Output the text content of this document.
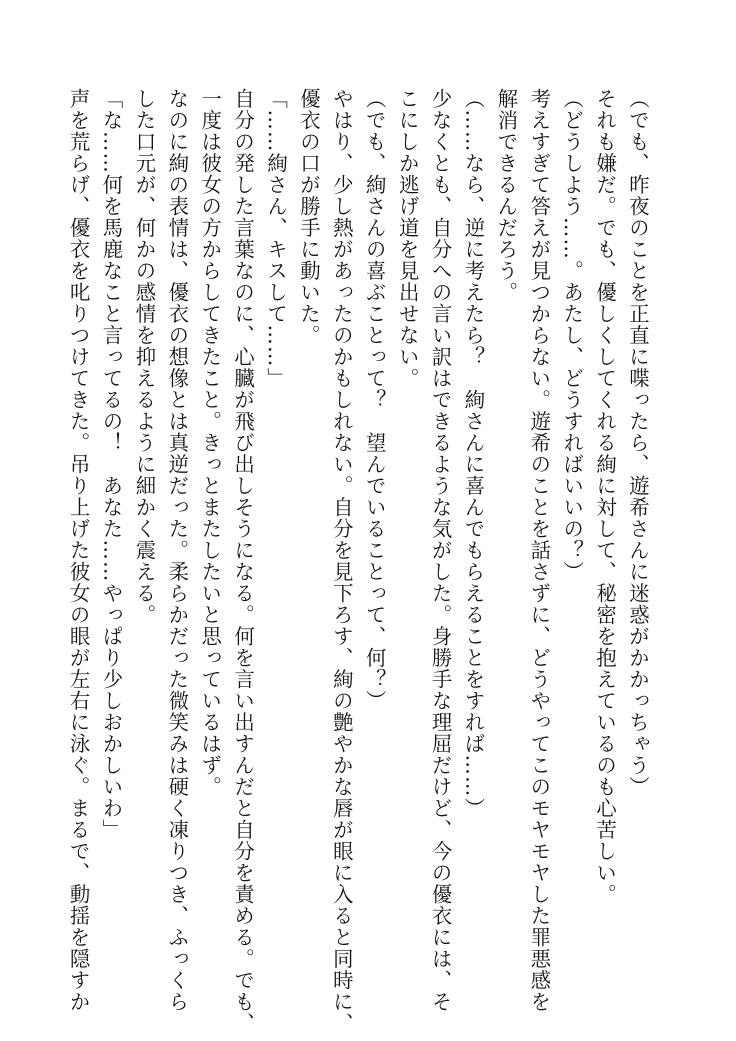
（でも、昨夜のことを正直に喋ったら、遊希さんに迷惑がかかっちゃう）
それも嫌だ。でも、優しくしてくれる絢に対して、秘密を抱えているのも心苦しい。
（どうしよう……。あたし、どうすればいいの？）
考えすぎて答えが見つからない。遊希のことを話さずに、どうやってこのモヤモヤした罪悪感を
解消できるんだろう。
（……なら、逆に考えたら？　絢さんに喜んでもらえることをすれば……）
少なくとも、自分への言い訳はできるような気がした。身勝手な理屈だけど、今の優衣には、そ
こにしか逃げ道を見出せない。
（でも、絢さんの喜ぶことって？　望んでいることって、何？）
やはり、少し熱があったのかもしれない。自分を見下ろす、絢の艶やかな唇が眼に入ると同時に、
優衣の口が勝手に動いた。
「……絢さん、キスして……」
自分の発した言葉なのに、心臓が飛び出しそうになる。何を言い出すんだと自分を責める。でも、
一度は彼女の方からしてきたこと。きっとまたしたいと思っているはず。
なのに絢の表情は、優衣の想像とは真逆だった。柔らかだった微笑みは硬く凍りつき、ふっくら
した口元が、何かの感情を抑えるように細かく震える。
「な……何を馬鹿なこと言ってるの！　あなた……やっぱり少しおかしいわ」
声を荒らげ、優衣を叱りつけてきた。吊り上げた彼女の眼が左右に泳ぐ。まるで、動揺を隠すか
